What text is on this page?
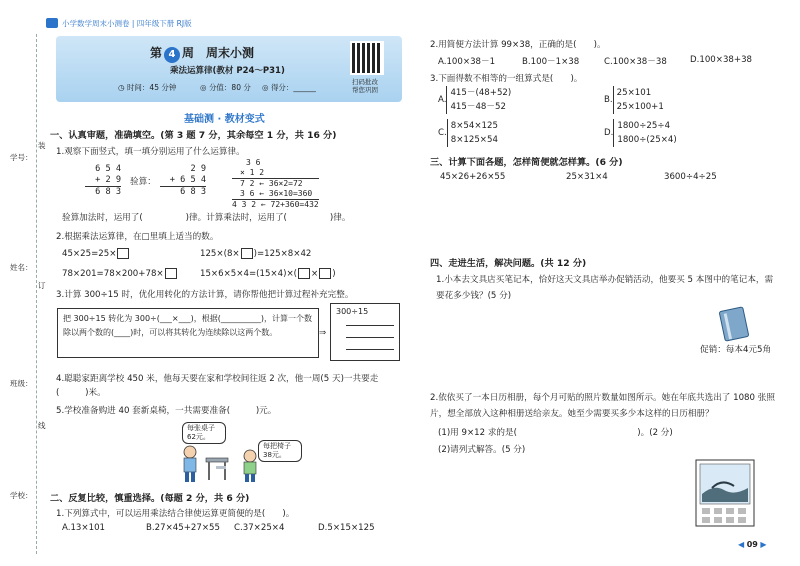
小学数学周末小测卷 | 四年级下册 RJ版
学号：
姓名：
班级：
学校：
装
订
线
第 4 周　周末小测
乘法运算律(教材 P24～P31)
◷ 时间：45 分钟	◎ 分值：80 分 ◎ 得分：______
扫码批改
帮您巩固
基础测 · 教材变式
一、认真审题，准确填空。(第 3 题 7 分，其余每空 1 分，共 16 分)
1.观察下面竖式，填一填分别运用了什么运算律。
6 5 4
+ 2 9
6 8 3
验算：
2 9
+ 6 5 4
6 8 3
3 6
× 1 2
7 2 ← 36×2=72
3 6 ← 36×10=360
4 3 2 ← 72+360=432
验算加法时，运用了(　　　　　)律。计算乘法时，运用了(　　　　　)律。
2.根据乘法运算律，在□里填上适当的数。
45×25=25×	125×(8× )=125×8×42
78×201=78×200+78×	15×6×5×4=(15×4)×( × )
3.计算 300÷15 时，优化用转化的方法计算，请你帮他把计算过程补充完整。
把 300÷15 转化为 300÷(___×___)，根据(__________)，计算一个数除以两个数的(____)时，可以将其转化为连续除以这两个数。	⇒
300÷15
4.聪聪家距离学校 450 米，他每天要在家和学校间往返 2 次，他一周(5 天)一共要走(　　　)米。
5.学校准备购进 40 套新桌椅，一共需要准备(　　　)元。
每张桌子62元。
每把椅子38元。
二、反复比较，慎重选择。(每题 2 分，共 6 分)
1.下列算式中，可以运用乘法结合律使运算更简便的是(　　)。
A.13×101	B.27×45+27×55 C.37×25×4	D.5×15×125
2.用简便方法计算 99×38，正确的是(　　)。
A.100×38－1	B.100－1×38	C.100×38－38	D.100×38+38
3.下面得数不相等的一组算式是(　　)。
A.
415－(48+52)
415－48－52
B.
25×101
25×100+1
C.
8×54×125
8×125×54
D.
1800÷25÷4
1800÷(25×4)
三、计算下面各题，怎样简便就怎样算。(6 分)
45×26+26×55	25×31×4	3600÷4÷25
四、走进生活，解决问题。(共 12 分)
1.小本去文具店买笔记本，恰好这天文具店举办促销活动，他要买 5 本图中的笔记本，需要花多少钱？(5 分)
促销：每本4元5角
2.依依买了一本日历相册，每个月可贴的照片数量如图所示。她在年底共选出了 1080 张照片，想全部放入这种相册送给亲友。她至少需要买多少本这样的日历相册？
(1)用 9×12 求的是(　　　　　　　　　　　　　　)。(2 分)
(2)请列式解答。(5 分)
◀ 09 ▶
